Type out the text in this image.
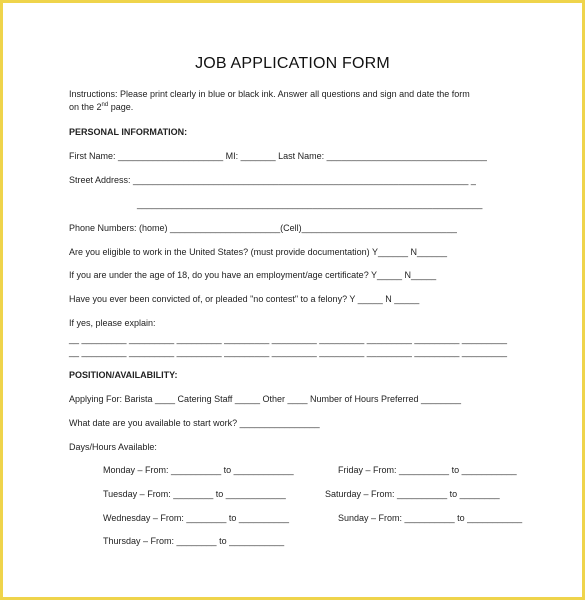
JOB APPLICATION FORM
Instructions: Please print clearly in blue or black ink. Answer all questions and sign and date the form
on the 2nd page.
PERSONAL INFORMATION:
First Name: _____________________ MI: _______ Last Name: ________________________________
Street Address: ___________________________________________________________________ _
_____________________________________________________________________
Phone Numbers: (home) ______________________(Cell)_______________________________
Are you eligible to work in the United States? (must provide documentation) Y______ N______
If you are under the age of 18, do you have an employment/age certificate? Y_____ N_____
Have you ever been convicted of, or pleaded "no contest" to a felony? Y _____ N _____
If yes, please explain:
__ _________ _________ _________ _________ _________ _________ _________ _________ _________
__ _________ _________ _________ _________ _________ _________ _________ _________ _________
POSITION/AVAILABILITY:
Applying For: Barista ____ Catering Staff _____ Other ____ Number of Hours Preferred ________
What date are you available to start work? ________________
Days/Hours Available:
Monday – From: __________ to ____________
Tuesday – From: ________ to ____________
Wednesday – From: ________ to __________
Thursday – From: ________ to ___________
Friday – From: __________ to ___________
Saturday – From: __________ to ________
Sunday – From: __________ to ___________
